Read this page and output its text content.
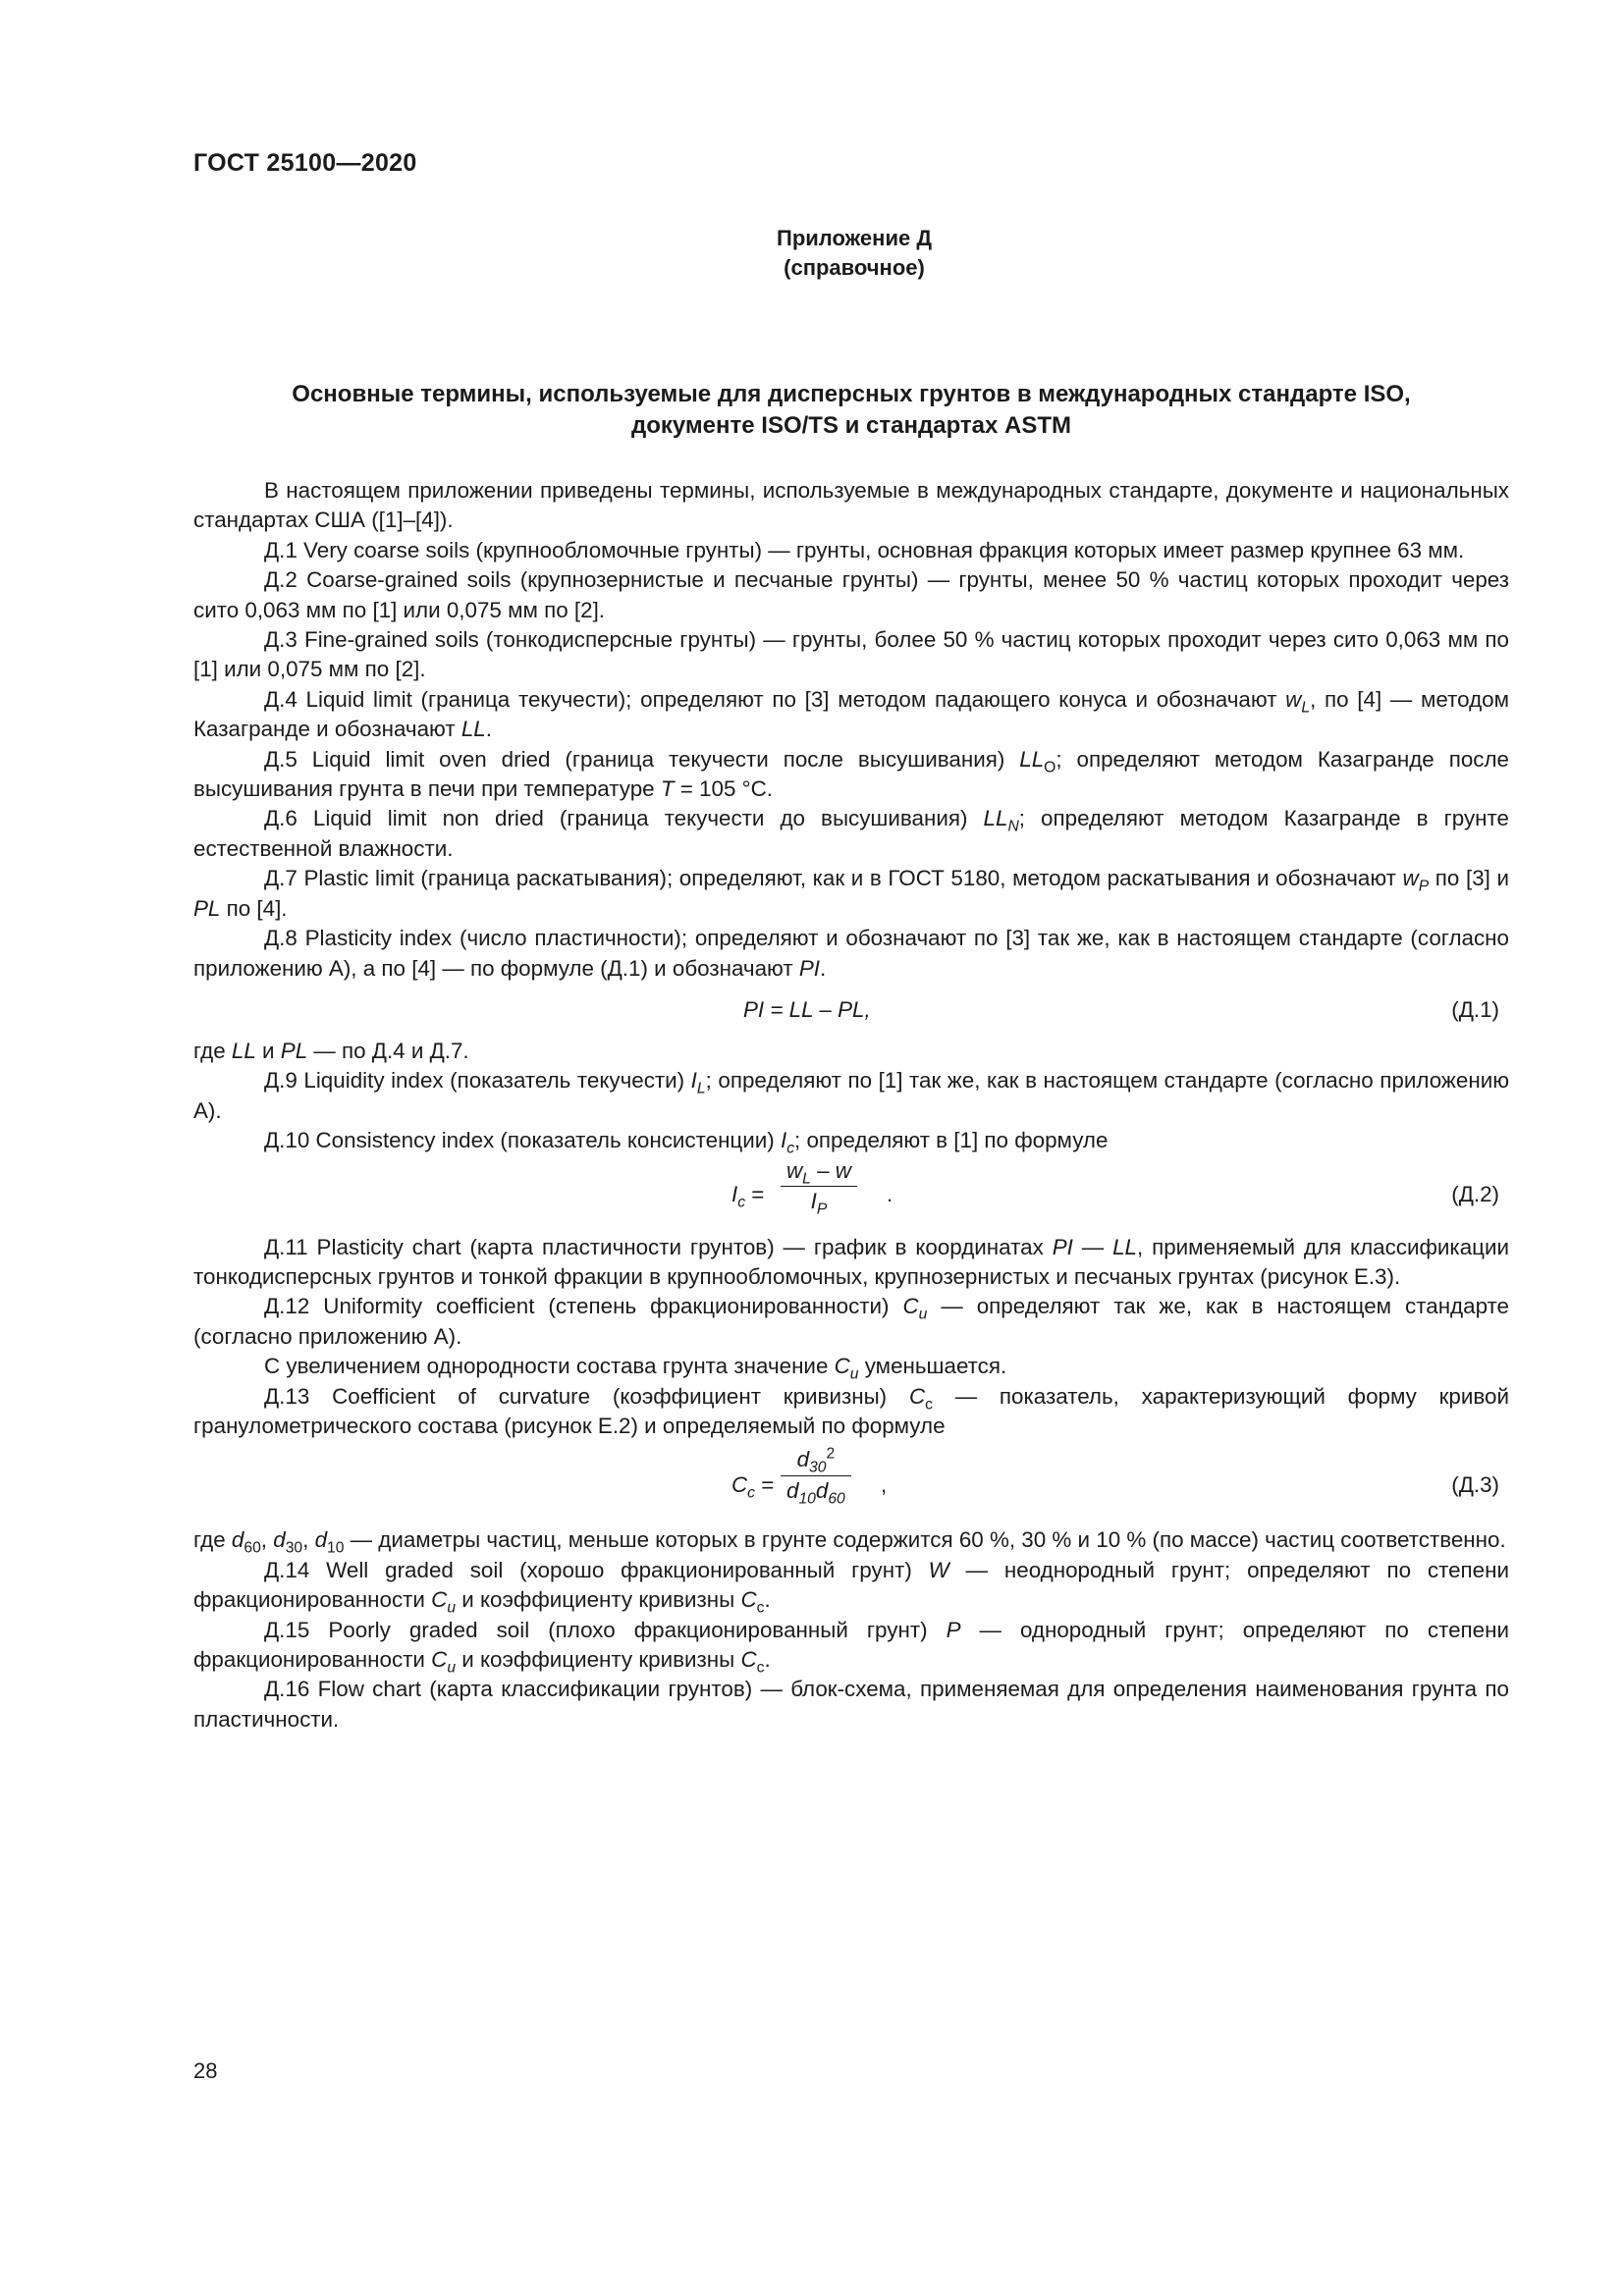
ГОСТ 25100—2020
Приложение Д
(справочное)
Основные термины, используемые для дисперсных грунтов в международных стандарте ISO,
документе ISO/TS и стандартах ASTM

В настоящем приложении приведены термины, используемые в международных стандарте, документе и национальных стандартах США ([1]–[4]).

Д.1 Very coarse soils (крупнообломочные грунты) — грунты, основная фракция которых имеет размер крупнее 63 мм.

Д.2 Coarse-grained soils (крупнозернистые и песчаные грунты) — грунты, менее 50 % частиц которых проходит через сито 0,063 мм по [1] или 0,075 мм по [2].

Д.3 Fine-grained soils (тонкодисперсные грунты) — грунты, более 50 % частиц которых проходит через сито 0,063 мм по [1] или 0,075 мм по [2].

Д.4 Liquid limit (граница текучести); определяют по [3] методом падающего конуса и обозначают $w_L$, по [4] — методом Казагранде и обозначают LL.

Д.5 Liquid limit oven dried (граница текучести после высушивания) $LL_O$; определяют методом Казагранде после высушивания грунта в печи при температуре T = 105 °C.

Д.6 Liquid limit non dried (граница текучести до высушивания) $LL_N$; определяют методом Казагранде в грунте естественной влажности.

Д.7 Plastic limit (граница раскатывания); определяют, как и в ГОСТ 5180, методом раскатывания и обозначают $w_P$ по [3] и PL по [4].

Д.8 Plasticity index (число пластичности); определяют и обозначают по [3] так же, как в настоящем стандарте (согласно приложению А), а по [4] — по формуле (Д.1) и обозначают PI.

PI = LL – PL,	(Д.1)

где LL и PL — по Д.4 и Д.7.

Д.9 Liquidity index (показатель текучести) $I_L$; определяют по [1] так же, как в настоящем стандарте (согласно приложению А).

Д.10 Consistency index (показатель консистенции) $I_c$; определяют в [1] по формуле

$I_c = \frac{w_L - w}{I_P}$ .	(Д.2)

Д.11 Plasticity chart (карта пластичности грунтов) — график в координатах PI — LL, применяемый для классификации тонкодисперсных грунтов и тонкой фракции в крупнообломочных, крупнозернистых и песчаных грунтах (рисунок Е.3).

Д.12 Uniformity coefficient (степень фракционированности) $C_u$ — определяют так же, как в настоящем стандарте (согласно приложению А).

С увеличением однородности состава грунта значение $C_u$ уменьшается.

Д.13 Coefficient of curvature (коэффициент кривизны) $C_c$ — показатель, характеризующий форму кривой гранулометрического состава (рисунок Е.2) и определяемый по формуле

$C_c = \frac{d_{30}^2}{d_{10}d_{60}}$ ,	(Д.3)

где $d_{60}$, $d_{30}$, $d_{10}$ — диаметры частиц, меньше которых в грунте содержится 60 %, 30 % и 10 % (по массе) частиц соответственно.

Д.14 Well graded soil (хорошо фракционированный грунт) W — неоднородный грунт; определяют по степени фракционированности $C_u$ и коэффициенту кривизны $C_c$.

Д.15 Poorly graded soil (плохо фракционированный грунт) P — однородный грунт; определяют по степени фракционированности $C_u$ и коэффициенту кривизны $C_c$.

Д.16 Flow chart (карта классификации грунтов) — блок-схема, применяемая для определения наименования грунта по пластичности.

28
